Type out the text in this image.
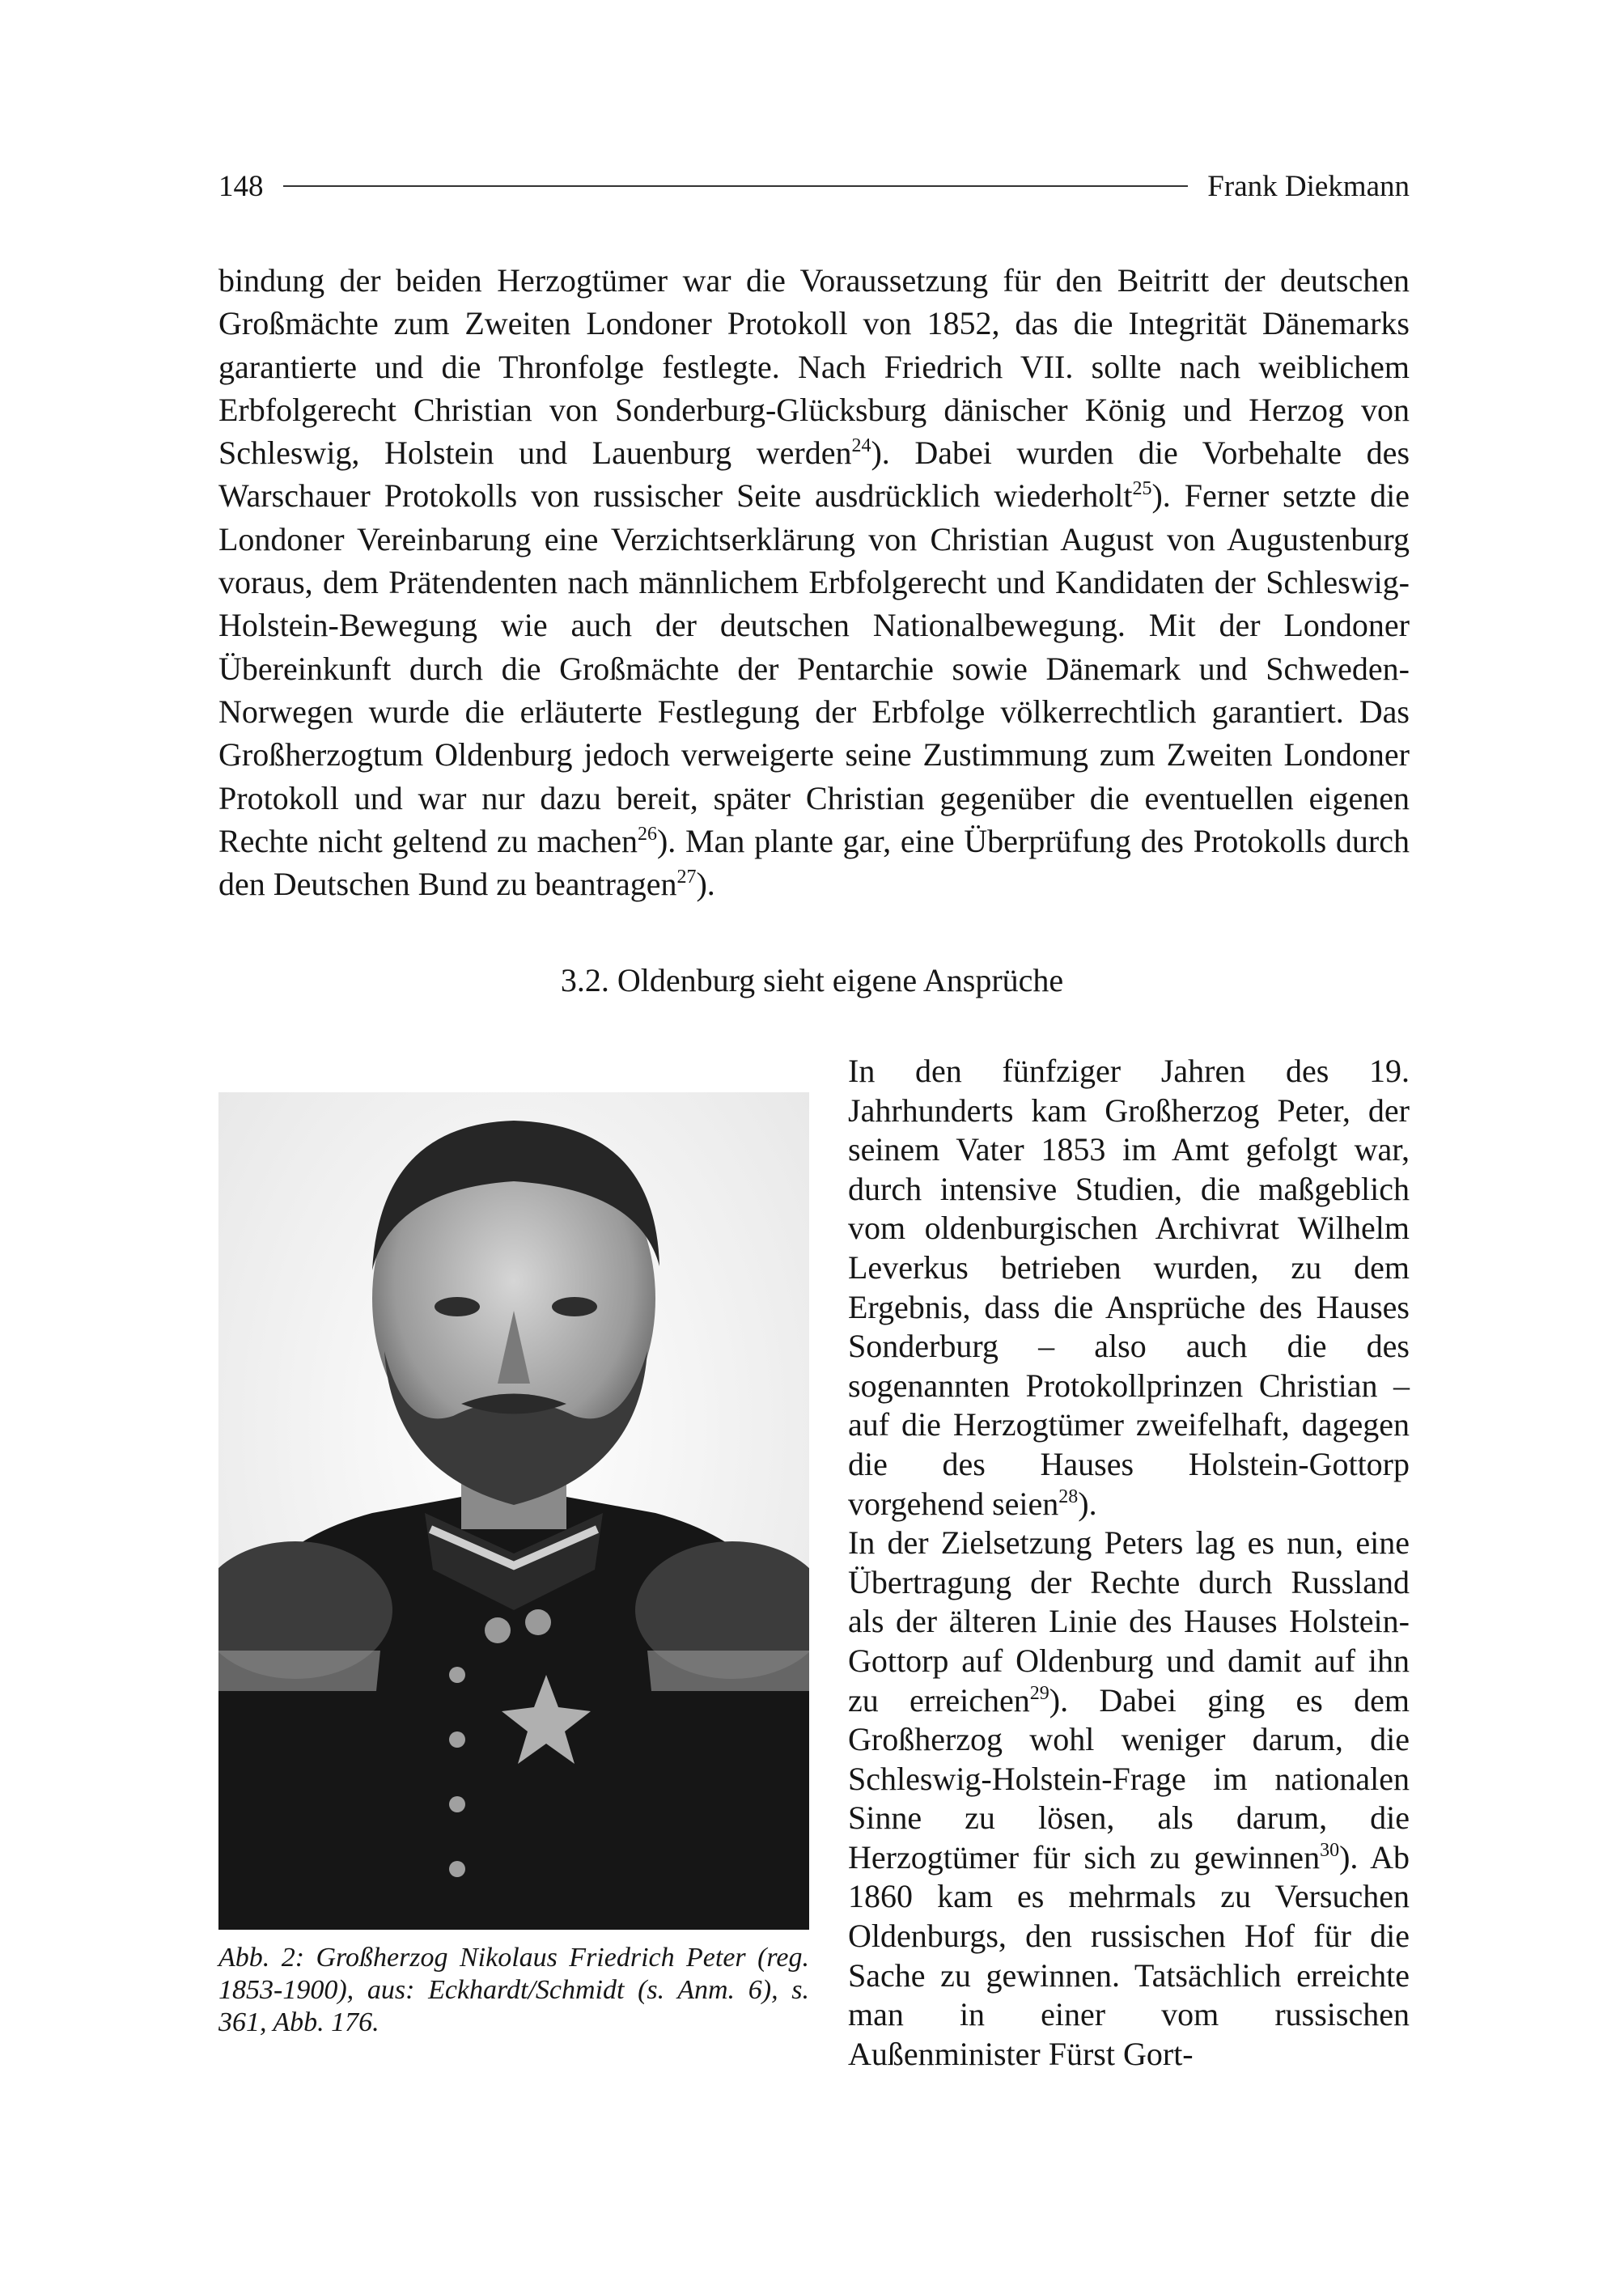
148	Frank Diekmann

bindung der beiden Herzogtümer war die Voraussetzung für den Beitritt der deutschen Großmächte zum Zweiten Londoner Protokoll von 1852, das die Integrität Dänemarks garantierte und die Thronfolge festlegte. Nach Friedrich VII. sollte nach weiblichem Erbfolgerecht Christian von Sonderburg-Glücksburg dänischer König und Herzog von Schleswig, Holstein und Lauenburg werden$^{24}$). Dabei wurden die Vorbehalte des Warschauer Protokolls von russischer Seite ausdrücklich wiederholt$^{25}$). Ferner setzte die Londoner Vereinbarung eine Verzichtserklärung von Christian August von Augustenburg voraus, dem Prätendenten nach männlichem Erbfolgerecht und Kandidaten der Schleswig-Holstein-Bewegung wie auch der deutschen Nationalbewegung. Mit der Londoner Übereinkunft durch die Großmächte der Pentarchie sowie Dänemark und Schweden-Norwegen wurde die erläuterte Festlegung der Erbfolge völkerrechtlich garantiert. Das Großherzogtum Oldenburg jedoch verweigerte seine Zustimmung zum Zweiten Londoner Protokoll und war nur dazu bereit, später Christian gegenüber die eventuellen eigenen Rechte nicht geltend zu machen$^{26}$). Man plante gar, eine Überprüfung des Protokolls durch den Deutschen Bund zu beantragen$^{27}$).

3.2. Oldenburg sieht eigene Ansprüche

Abb. 2: Großherzog Nikolaus Friedrich Peter (reg. 1853-1900), aus: Eckhardt/Schmidt (s. Anm. 6), s. 361, Abb. 176.

In den fünfziger Jahren des 19. Jahrhunderts kam Großherzog Peter, der seinem Vater 1853 im Amt gefolgt war, durch intensive Studien, die maßgeblich vom oldenburgischen Archivrat Wilhelm Leverkus betrieben wurden, zu dem Ergebnis, dass die Ansprüche des Hauses Sonderburg – also auch die des sogenannten Protokollprinzen Christian – auf die Herzogtümer zweifelhaft, dagegen die des Hauses Holstein-Gottorp vorgehend seien$^{28}$).

In der Zielsetzung Peters lag es nun, eine Übertragung der Rechte durch Russland als der älteren Linie des Hauses Holstein-Gottorp auf Oldenburg und damit auf ihn zu erreichen$^{29}$). Dabei ging es dem Großherzog wohl weniger darum, die Schleswig-Holstein-Frage im nationalen Sinne zu lösen, als darum, die Herzogtümer für sich zu gewinnen$^{30}$). Ab 1860 kam es mehrmals zu Versuchen Oldenburgs, den russischen Hof für die Sache zu gewinnen. Tatsächlich erreichte man in einer vom russischen Außenminister Fürst Gort-
